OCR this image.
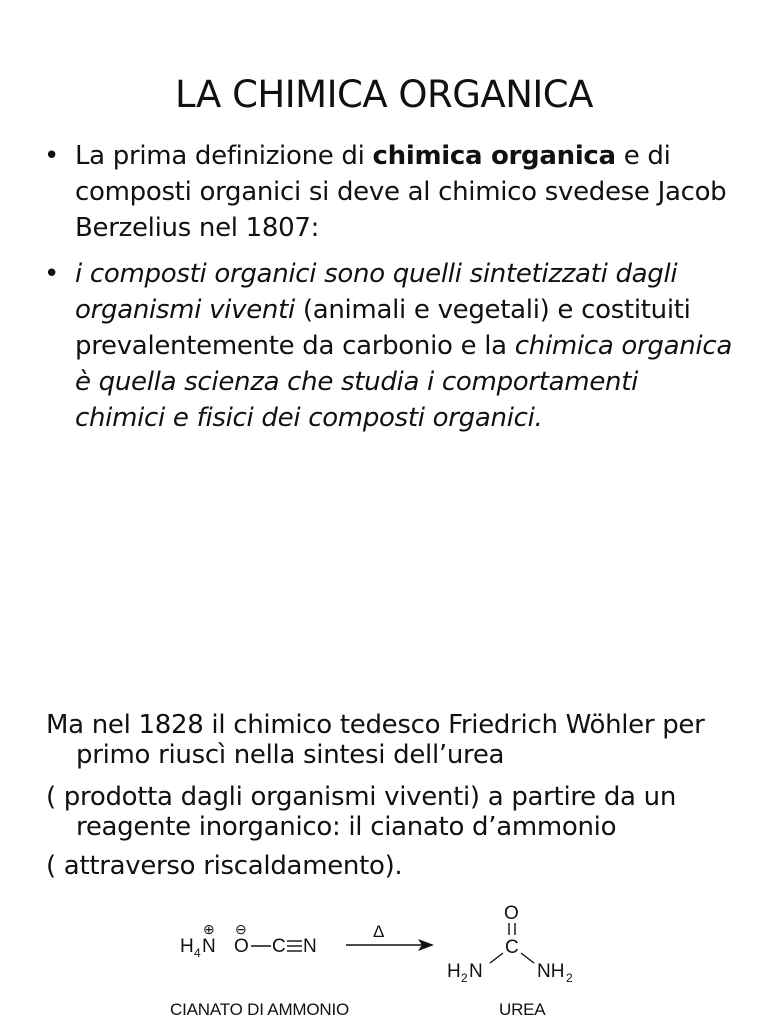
LA CHIMICA ORGANICA
• La prima definizione di chimica organica e di composti organici si deve al chimico svedese Jacob Berzelius nel 1807:
• i composti organici sono quelli sintetizzati dagli organismi viventi (animali e vegetali) e costituiti prevalentemente da carbonio e la chimica organica è quella scienza che studia i comportamenti chimici e fisici dei composti organici.

Ma nel 1828 il chimico tedesco Friedrich Wöhler per primo riuscì nella sintesi dell’urea

( prodotta dagli organismi viventi) a partire da un reagente inorganico: il cianato d’ammonio

( attraverso riscaldamento).

H 4 N
⊕ ⊖
O C N
Δ
O
C
H 2 N	NH 2
CIANATO DI AMMONIO	UREA
